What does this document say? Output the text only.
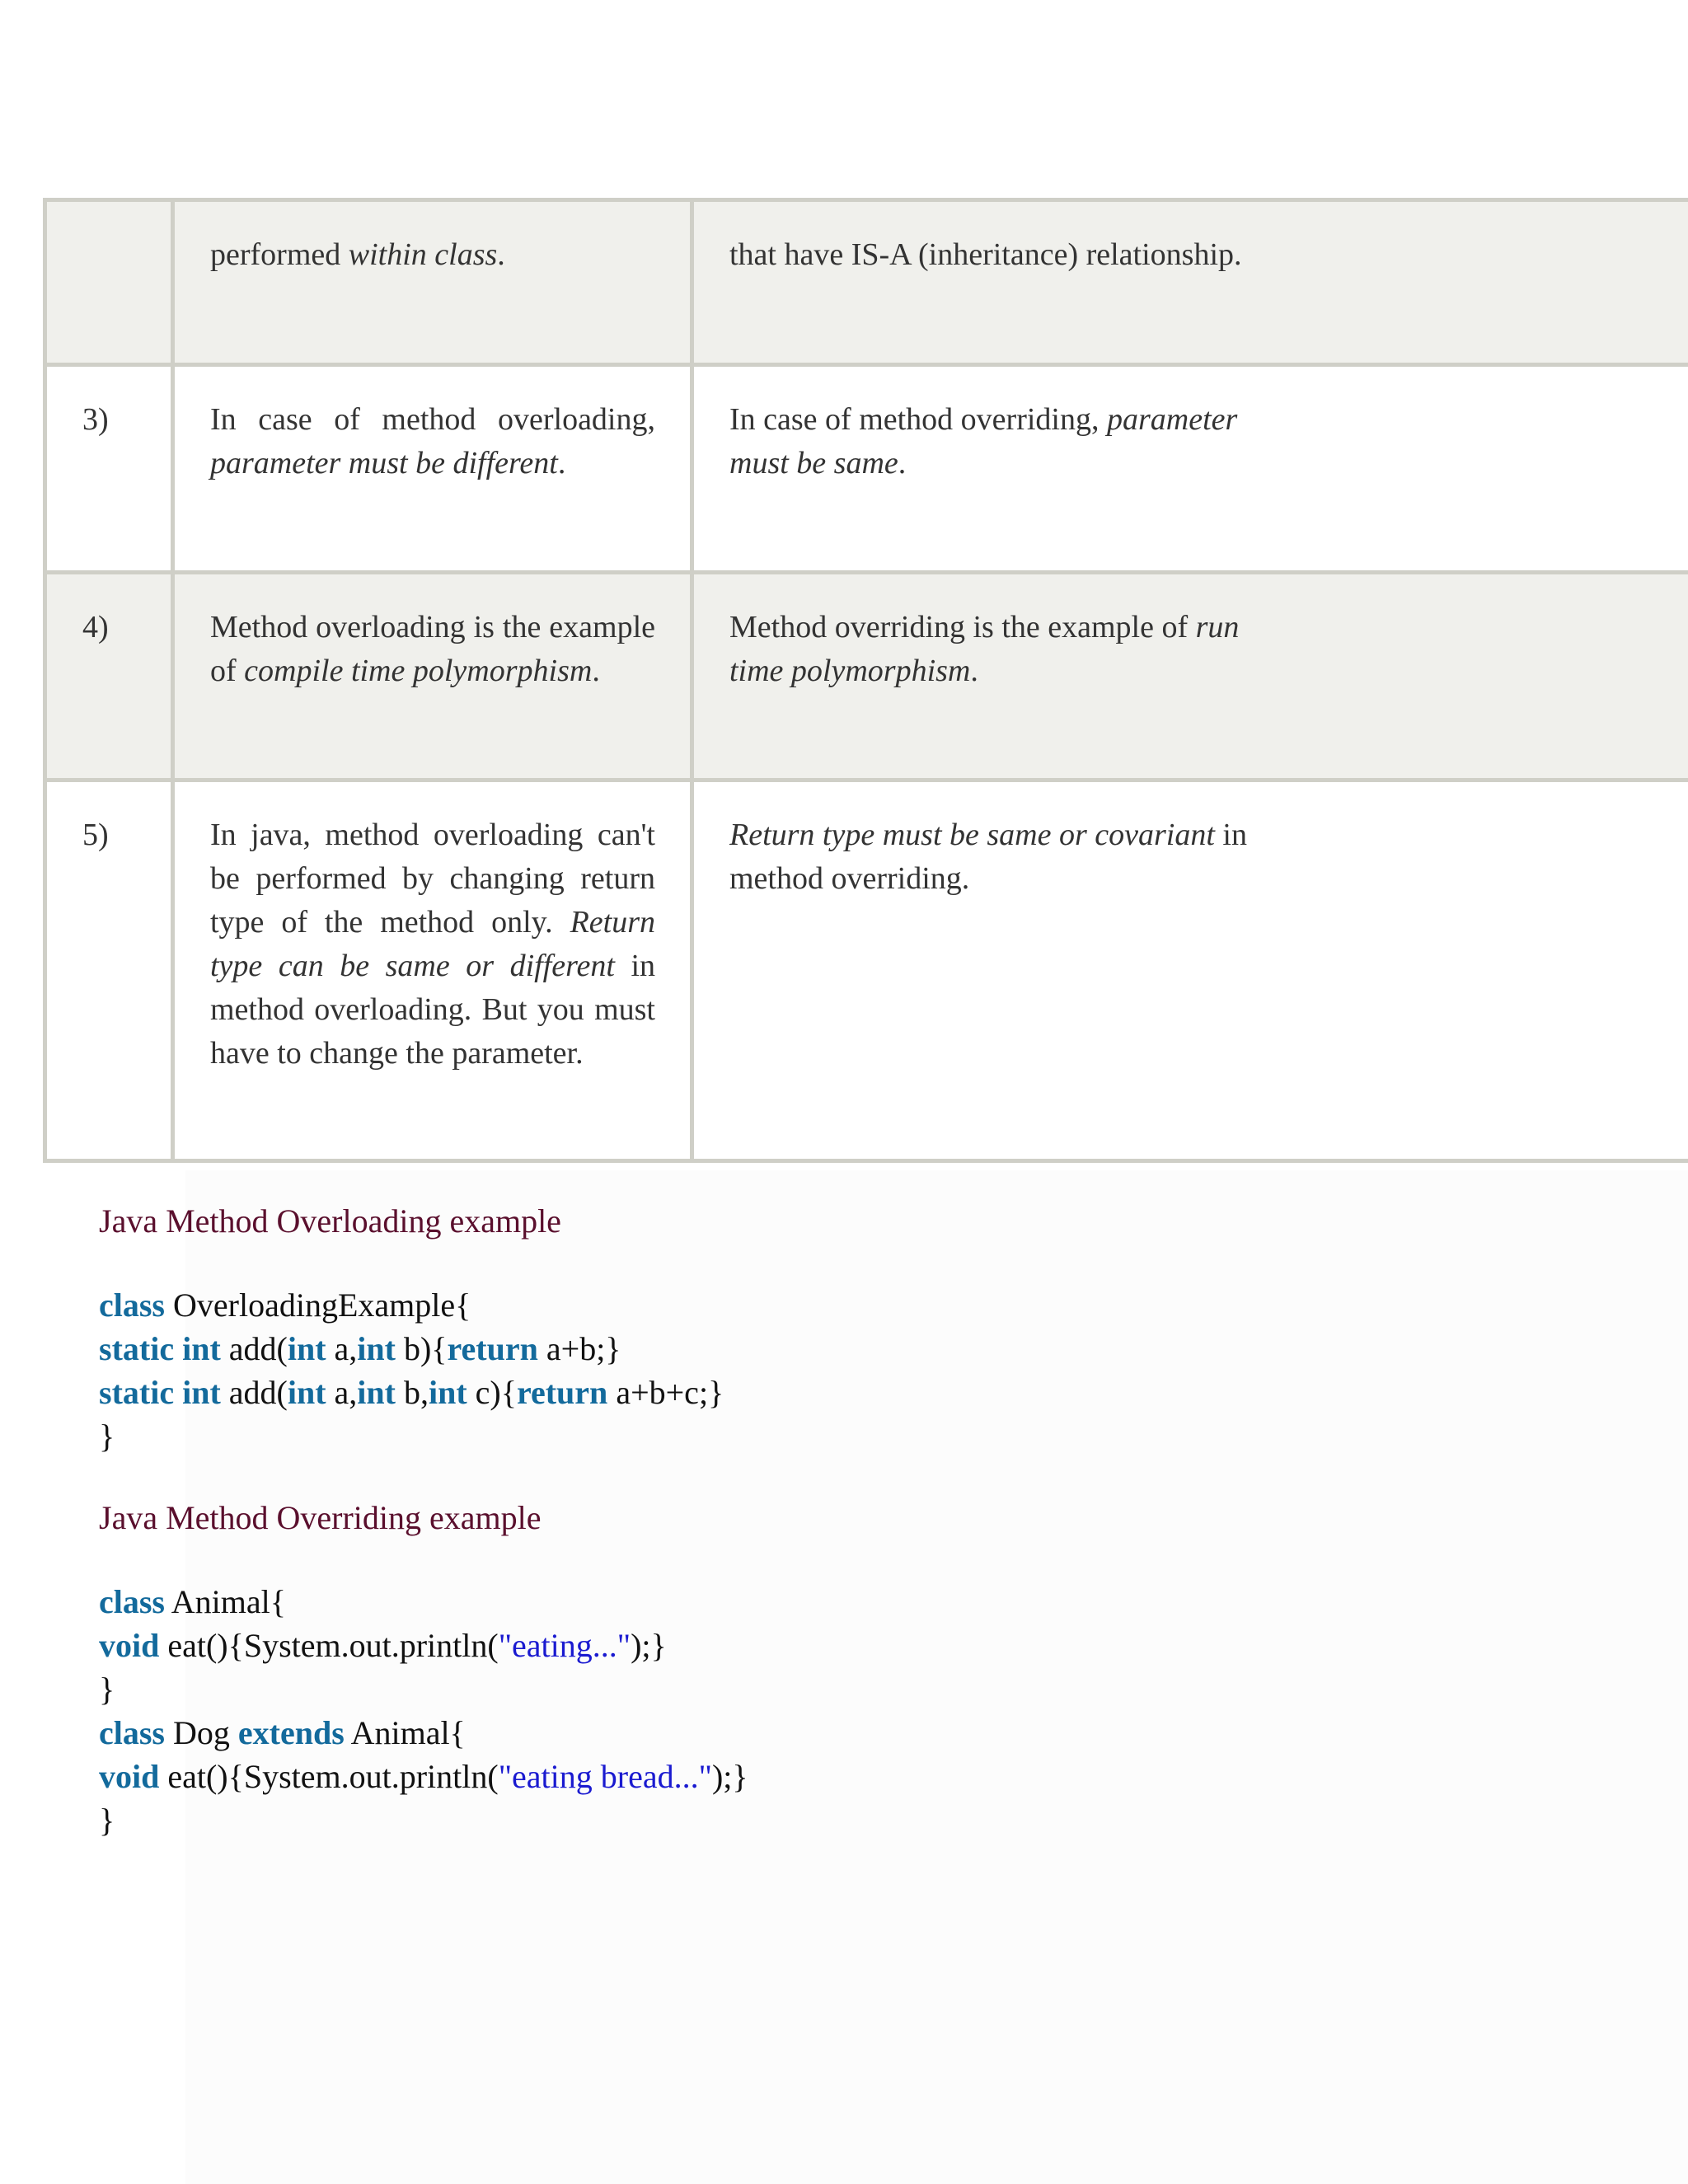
	performed within class.	that have IS-A (inheritance) relationship.

3)	In case of method overloading, parameter must be different.	In case of method overriding, parameter must be same.

4)	Method overloading is the example of compile time polymorphism.	Method overriding is the example of run time polymorphism.

5)	In java, method overloading can't be performed by changing return type of the method only. Return type can be same or different in method overloading. But you must have to change the parameter.	Return type must be same or covariant in method overriding.
Java Method Overloading example
class OverloadingExample{
static int add(int a,int b){return a+b;}
static int add(int a,int b,int c){return a+b+c;}
}
Java Method Overriding example
class Animal{
void eat(){System.out.println("eating...");}
}
class Dog extends Animal{
void eat(){System.out.println("eating bread...");}
}
